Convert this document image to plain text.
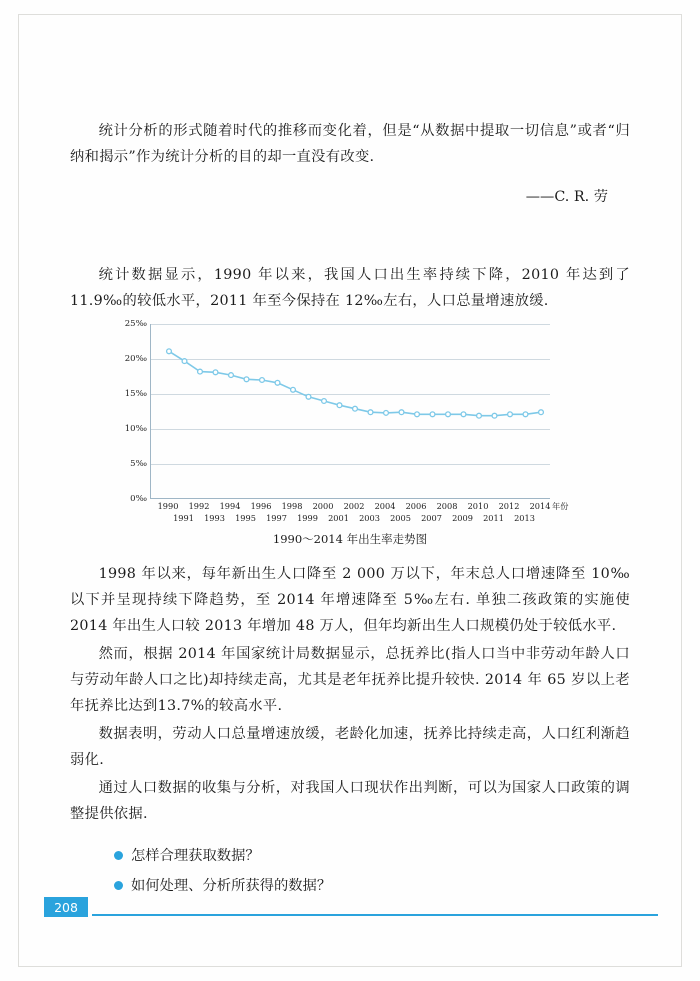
统计分析的形式随着时代的推移而变化着，但是“从数据中提取一切信息”或者“归纳和揭示”作为统计分析的目的却一直没有改变.

——C. R. 劳

统计数据显示，1990 年以来，我国人口出生率持续下降，2010 年达到了 11.9‰的较低水平，2011 年至今保持在 12‰左右，人口总量增速放缓.

0‰
5‰
10‰
15‰
20‰
25‰
1990
1991
1992
1993
1994
1995
1996
1997
1998
1999
2000
2001
2002
2003
2004
2005
2006
2007
2008
2009
2010
2011
2012
2013
2014 年份
1990～2014 年出生率走势图

1998 年以来，每年新出生人口降至 2 000 万以下，年末总人口增速降至 10‰以下并呈现持续下降趋势，至 2014 年增速降至 5‰左右. 单独二孩政策的实施使 2014 年出生人口较 2013 年增加 48 万人，但年均新出生人口规模仍处于较低水平.

然而，根据 2014 年国家统计局数据显示，总抚养比(指人口当中非劳动年龄人口与劳动年龄人口之比)却持续走高，尤其是老年抚养比提升较快. 2014 年 65 岁以上老年抚养比达到13.7%的较高水平.

数据表明，劳动人口总量增速放缓，老龄化加速，抚养比持续走高，人口红利渐趋弱化.

通过人口数据的收集与分析，对我国人口现状作出判断，可以为国家人口政策的调整提供依据.

怎样合理获取数据？
如何处理、分析所获得的数据？
208
